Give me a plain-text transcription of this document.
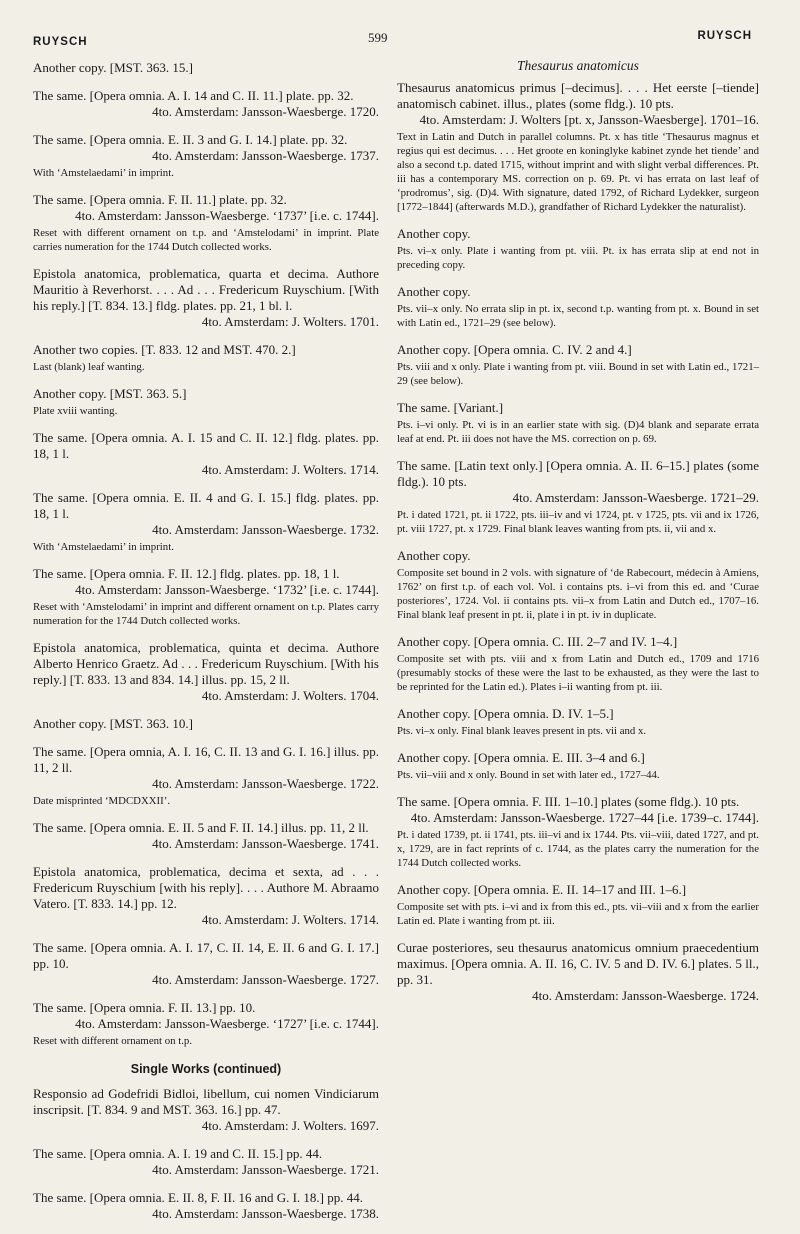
RUYSCH	599	RUYSCH

Another copy. [MST. 363. 15.]

The same. [Opera omnia. A. I. 14 and C. II. 11.] plate. pp. 32.

4to. Amsterdam: Jansson-Waesberge. 1720.

The same. [Opera omnia. E. II. 3 and G. I. 14.] plate. pp. 32.

4to. Amsterdam: Jansson-Waesberge. 1737.

With ‘Amstelaedami’ in imprint.

The same. [Opera omnia. F. II. 11.] plate. pp. 32.

4to. Amsterdam: Jansson-Waesberge. ‘1737’ [i.e. c. 1744].

Reset with different ornament on t.p. and ‘Amstelodami’ in imprint. Plate carries numeration for the 1744 Dutch collected works.

Epistola anatomica, problematica, quarta et decima. Authore Mauritio à Reverhorst. . . . Ad . . . Fredericum Ruyschium. [With his reply.] [T. 834. 13.] fldg. plates. pp. 21, 1 bl. l.

4to. Amsterdam: J. Wolters. 1701.

Another two copies. [T. 833. 12 and MST. 470. 2.]

Last (blank) leaf wanting.

Another copy. [MST. 363. 5.]

Plate xviii wanting.

The same. [Opera omnia. A. I. 15 and C. II. 12.] fldg. plates. pp. 18, 1 l.

4to. Amsterdam: J. Wolters. 1714.

The same. [Opera omnia. E. II. 4 and G. I. 15.] fldg. plates. pp. 18, 1 l.

4to. Amsterdam: Jansson-Waesberge. 1732.

With ‘Amstelaedami’ in imprint.

The same. [Opera omnia. F. II. 12.] fldg. plates. pp. 18, 1 l.

4to. Amsterdam: Jansson-Waesberge. ‘1732’ [i.e. c. 1744].

Reset with ‘Amstelodami’ in imprint and different ornament on t.p. Plates carry numeration for the 1744 Dutch collected works.

Epistola anatomica, problematica, quinta et decima. Authore Alberto Henrico Graetz. Ad . . . Fredericum Ruyschium. [With his reply.] [T. 833. 13 and 834. 14.] illus. pp. 15, 2 ll.

4to. Amsterdam: J. Wolters. 1704.

Another copy. [MST. 363. 10.]

The same. [Opera omnia, A. I. 16, C. II. 13 and G. I. 16.] illus. pp. 11, 2 ll.

4to. Amsterdam: Jansson-Waesberge. 1722.

Date misprinted ‘MDCDXXII’.

The same. [Opera omnia. E. II. 5 and F. II. 14.] illus. pp. 11, 2 ll.

4to. Amsterdam: Jansson-Waesberge. 1741.

Epistola anatomica, problematica, decima et sexta, ad . . . Fredericum Ruyschium [with his reply]. . . . Authore M. Abraamo Vatero. [T. 833. 14.] pp. 12.

4to. Amsterdam: J. Wolters. 1714.

The same. [Opera omnia. A. I. 17, C. II. 14, E. II. 6 and G. I. 17.] pp. 10.

4to. Amsterdam: Jansson-Waesberge. 1727.

The same. [Opera omnia. F. II. 13.] pp. 10.

4to. Amsterdam: Jansson-Waesberge. ‘1727’ [i.e. c. 1744].

Reset with different ornament on t.p.

Single Works (continued)

Responsio ad Godefridi Bidloi, libellum, cui nomen Vindiciarum inscripsit. [T. 834. 9 and MST. 363. 16.] pp. 47.

4to. Amsterdam: J. Wolters. 1697.

The same. [Opera omnia. A. I. 19 and C. II. 15.] pp. 44.

4to. Amsterdam: Jansson-Waesberge. 1721.

The same. [Opera omnia. E. II. 8, F. II. 16 and G. I. 18.] pp. 44.

4to. Amsterdam: Jansson-Waesberge. 1738.

Thesaurus anatomicus

Thesaurus anatomicus primus [–decimus]. . . . Het eerste [–tiende] anatomisch cabinet. illus., plates (some fldg.). 10 pts.

4to. Amsterdam: J. Wolters [pt. x, Jansson-Waesberge]. 1701–16.

Text in Latin and Dutch in parallel columns. Pt. x has title ‘Thesaurus magnus et regius qui est decimus. . . . Het groote en koninglyke kabinet zynde het tiende’ and also a second t.p. dated 1715, without imprint and with slight verbal differences. Pt. iii has a contemporary MS. correction on p. 69. Pt. vi has errata on last leaf of ‘prodromus’, sig. (D)4. With signature, dated 1792, of Richard Lydekker, surgeon [1772–1844] (afterwards M.D.), grandfather of Richard Lydekker the naturalist).

Another copy.

Pts. vi–x only. Plate i wanting from pt. viii. Pt. ix has errata slip at end not in preceding copy.

Another copy.

Pts. vii–x only. No errata slip in pt. ix, second t.p. wanting from pt. x. Bound in set with Latin ed., 1721–29 (see below).

Another copy. [Opera omnia. C. IV. 2 and 4.]

Pts. viii and x only. Plate i wanting from pt. viii. Bound in set with Latin ed., 1721–29 (see below).

The same. [Variant.]

Pts. i–vi only. Pt. vi is in an earlier state with sig. (D)4 blank and separate errata leaf at end. Pt. iii does not have the MS. correction on p. 69.

The same. [Latin text only.] [Opera omnia. A. II. 6–15.] plates (some fldg.). 10 pts.

4to. Amsterdam: Jansson-Waesberge. 1721–29.

Pt. i dated 1721, pt. ii 1722, pts. iii–iv and vi 1724, pt. v 1725, pts. vii and ix 1726, pt. viii 1727, pt. x 1729. Final blank leaves wanting from pts. ii, vii and x.

Another copy.

Composite set bound in 2 vols. with signature of ‘de Rabecourt, médecin à Amiens, 1762’ on first t.p. of each vol. Vol. i contains pts. i–vi from this ed. and ‘Curae posteriores’, 1724. Vol. ii contains pts. vii–x from Latin and Dutch ed., 1707–16. Final blank leaf present in pt. ii, plate i in pt. iv in duplicate.

Another copy. [Opera omnia. C. III. 2–7 and IV. 1–4.]

Composite set with pts. viii and x from Latin and Dutch ed., 1709 and 1716 (presumably stocks of these were the last to be exhausted, as they were the last to be reprinted for the Latin ed.). Plates i–ii wanting from pt. iii.

Another copy. [Opera omnia. D. IV. 1–5.]

Pts. vi–x only. Final blank leaves present in pts. vii and x.

Another copy. [Opera omnia. E. III. 3–4 and 6.]

Pts. vii–viii and x only. Bound in set with later ed., 1727–44.

The same. [Opera omnia. F. III. 1–10.] plates (some fldg.). 10 pts.

4to. Amsterdam: Jansson-Waesberge. 1727–44 [i.e. 1739–c. 1744].

Pt. i dated 1739, pt. ii 1741, pts. iii–vi and ix 1744. Pts. vii–viii, dated 1727, and pt. x, 1729, are in fact reprints of c. 1744, as the plates carry the numeration for the 1744 Dutch collected works.

Another copy. [Opera omnia. E. II. 14–17 and III. 1–6.]

Composite set with pts. i–vi and ix from this ed., pts. vii–viii and x from the earlier Latin ed. Plate i wanting from pt. iii.

Curae posteriores, seu thesaurus anatomicus omnium praecedentium maximus. [Opera omnia. A. II. 16, C. IV. 5 and D. IV. 6.] plates. 5 ll., pp. 31.

4to. Amsterdam: Jansson-Waesberge. 1724.
